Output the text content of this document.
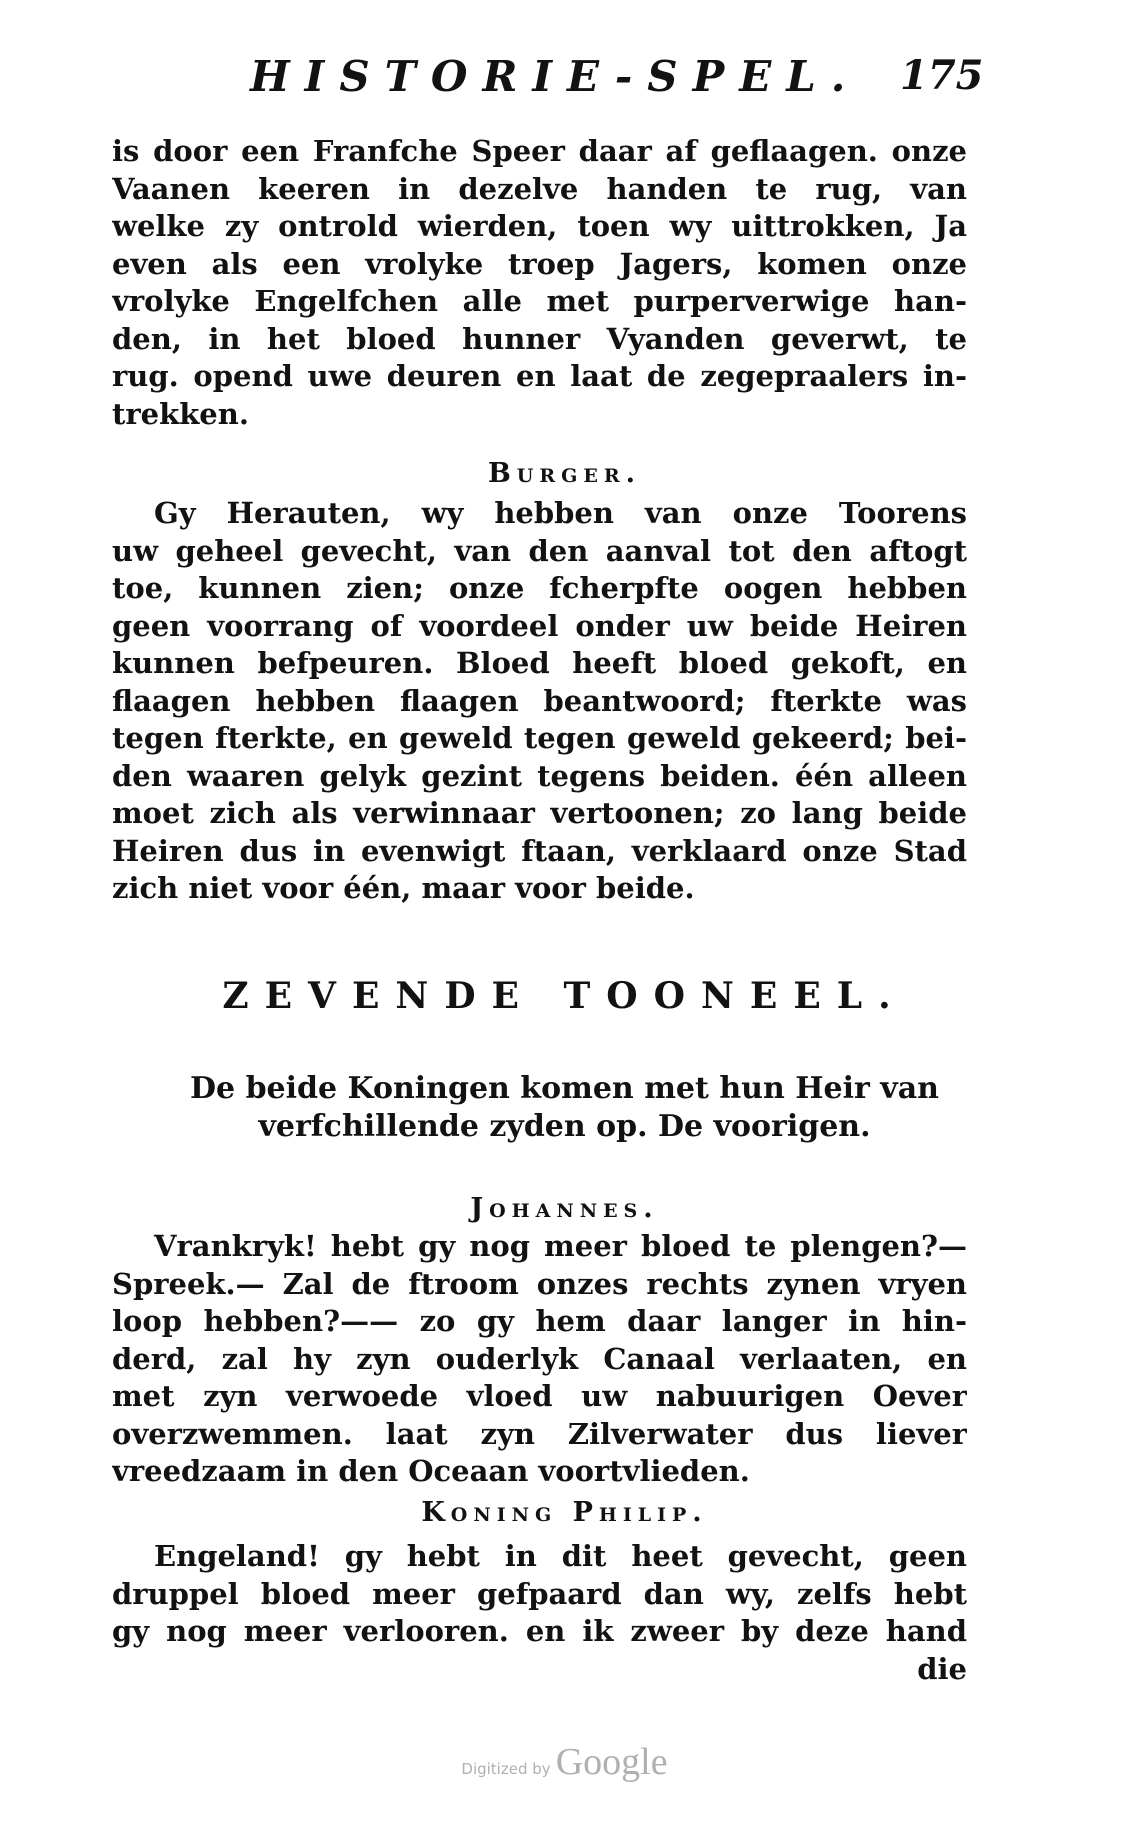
HISTORIE-SPEL. 175
is door een Franfche Speer daar af geflaagen. onze
Vaanen keeren in dezelve handen te rug, van
welke zy ontrold wierden, toen wy uittrokken, Ja
even als een vrolyke troep Jagers, komen onze
vrolyke Engelfchen alle met purperverwige han-
den, in het bloed hunner Vyanden geverwt, te
rug. opend uwe deuren en laat de zegepraalers in-
trekken.
Burger.
Gy Herauten, wy hebben van onze Toorens
uw geheel gevecht, van den aanval tot den aftogt
toe, kunnen zien; onze fcherpfte oogen hebben
geen voorrang of voordeel onder uw beide Heiren
kunnen befpeuren. Bloed heeft bloed gekoft, en
flaagen hebben flaagen beantwoord; fterkte was
tegen fterkte, en geweld tegen geweld gekeerd; bei-
den waaren gelyk gezint tegens beiden. één alleen
moet zich als verwinnaar vertoonen; zo lang beide
Heiren dus in evenwigt ftaan, verklaard onze Stad
zich niet voor één, maar voor beide.
ZEVENDE TOONEEL.
De beide Koningen komen met hun Heir van
verfchillende zyden op. De voorigen.
Johannes.
Vrankryk! hebt gy nog meer bloed te plengen?—
Spreek.— Zal de ftroom onzes rechts zynen vryen
loop hebben?—— zo gy hem daar langer in hin-
derd, zal hy zyn ouderlyk Canaal verlaaten, en
met zyn verwoede vloed uw nabuurigen Oever
overzwemmen. laat zyn Zilverwater dus liever
vreedzaam in den Oceaan voortvlieden.
Koning Philip.
Engeland! gy hebt in dit heet gevecht, geen
druppel bloed meer gefpaard dan wy, zelfs hebt
gy nog meer verlooren. en ik zweer by deze hand
die
Digitized by Google
